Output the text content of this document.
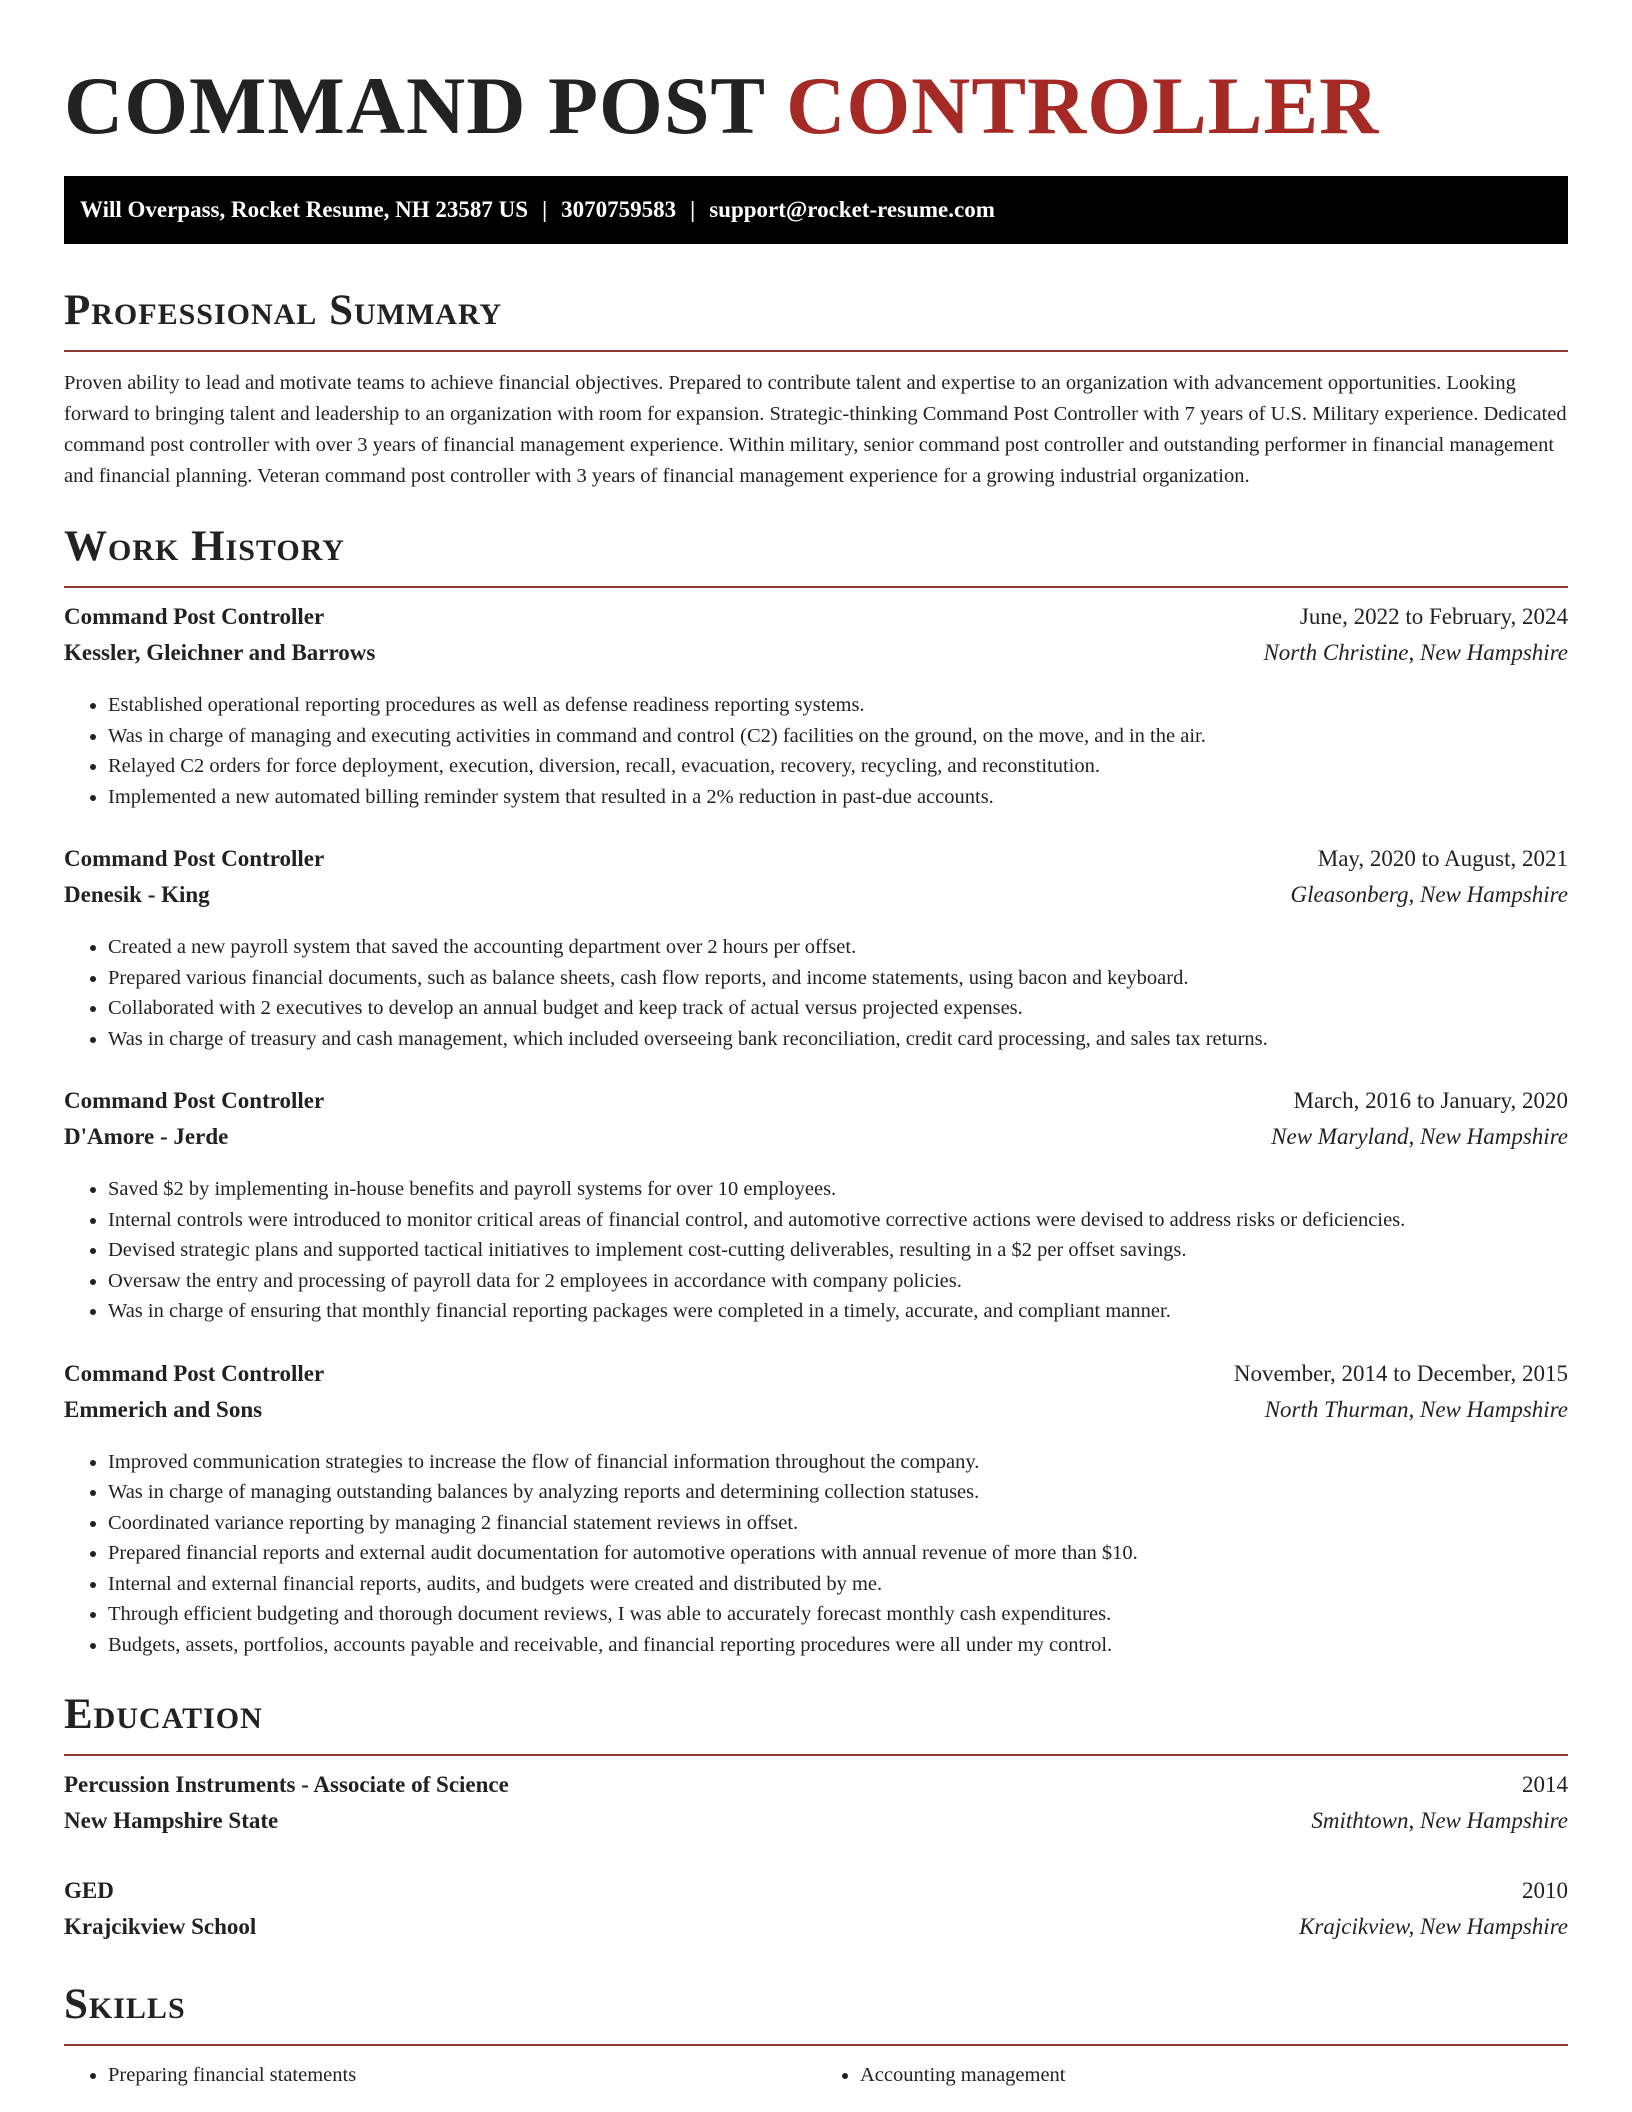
COMMAND POST CONTROLLER
Will Overpass, Rocket Resume, NH 23587 US | 3070759583 | support@rocket-resume.com
Professional Summary

Proven ability to lead and motivate teams to achieve financial objectives. Prepared to contribute talent and expertise to an organization with advancement opportunities. Looking forward to bringing talent and leadership to an organization with room for expansion. Strategic-thinking Command Post Controller with 7 years of U.S. Military experience. Dedicated command post controller with over 3 years of financial management experience. Within military, senior command post controller and outstanding performer in financial management and financial planning. Veteran command post controller with 3 years of financial management experience for a growing industrial organization.

Work History
Command Post Controller	June, 2022 to February, 2024
Kessler, Gleichner and Barrows	North Christine, New Hampshire
• Established operational reporting procedures as well as defense readiness reporting systems.
• Was in charge of managing and executing activities in command and control (C2) facilities on the ground, on the move, and in the air.
• Relayed C2 orders for force deployment, execution, diversion, recall, evacuation, recovery, recycling, and reconstitution.
• Implemented a new automated billing reminder system that resulted in a 2% reduction in past-due accounts.
Command Post Controller	May, 2020 to August, 2021
Denesik - King	Gleasonberg, New Hampshire
• Created a new payroll system that saved the accounting department over 2 hours per offset.
• Prepared various financial documents, such as balance sheets, cash flow reports, and income statements, using bacon and keyboard.
• Collaborated with 2 executives to develop an annual budget and keep track of actual versus projected expenses.
• Was in charge of treasury and cash management, which included overseeing bank reconciliation, credit card processing, and sales tax returns.
Command Post Controller	March, 2016 to January, 2020
D'Amore - Jerde	New Maryland, New Hampshire
• Saved $2 by implementing in-house benefits and payroll systems for over 10 employees.
• Internal controls were introduced to monitor critical areas of financial control, and automotive corrective actions were devised to address risks or deficiencies.
• Devised strategic plans and supported tactical initiatives to implement cost-cutting deliverables, resulting in a $2 per offset savings.
• Oversaw the entry and processing of payroll data for 2 employees in accordance with company policies.
• Was in charge of ensuring that monthly financial reporting packages were completed in a timely, accurate, and compliant manner.
Command Post Controller	November, 2014 to December, 2015
Emmerich and Sons	North Thurman, New Hampshire
• Improved communication strategies to increase the flow of financial information throughout the company.
• Was in charge of managing outstanding balances by analyzing reports and determining collection statuses.
• Coordinated variance reporting by managing 2 financial statement reviews in offset.
• Prepared financial reports and external audit documentation for automotive operations with annual revenue of more than $10.
• Internal and external financial reports, audits, and budgets were created and distributed by me.
• Through efficient budgeting and thorough document reviews, I was able to accurately forecast monthly cash expenditures.
• Budgets, assets, portfolios, accounts payable and receivable, and financial reporting procedures were all under my control.
Education
Percussion Instruments - Associate of Science	2014
New Hampshire State	Smithtown, New Hampshire
GED	2010
Krajcikview School	Krajcikview, New Hampshire
Skills
• Preparing financial statements
•	Accounting management
